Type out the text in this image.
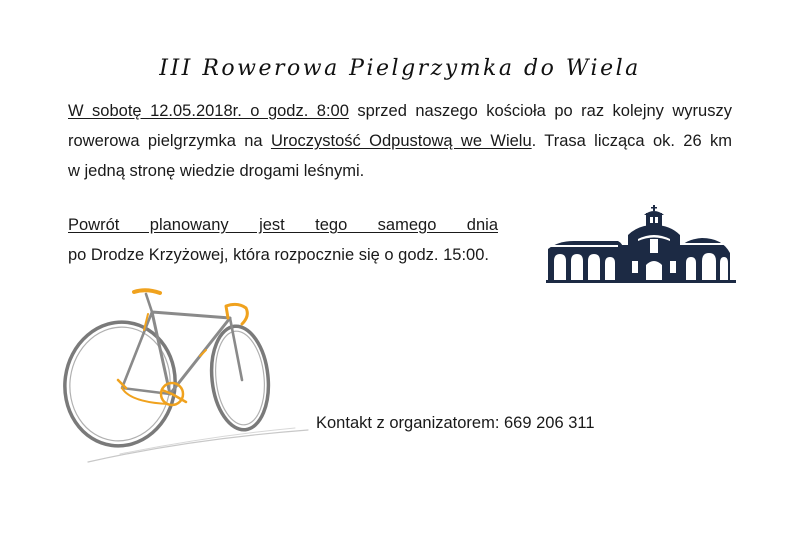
III Rowerowa Pielgrzymka do Wiela
W sobotę 12.05.2018r. o godz. 8:00 sprzed naszego kościoła po raz kolejny wyruszy
rowerowa pielgrzymka na Uroczystość Odpustową we Wielu. Trasa licząca ok. 26 km
w jedną stronę wiedzie drogami leśnymi.
Powrót planowany jest tego samego dnia
po Drodze Krzyżowej, która rozpocznie się o godz. 15:00.
Kontakt z organizatorem: 669 206 311
